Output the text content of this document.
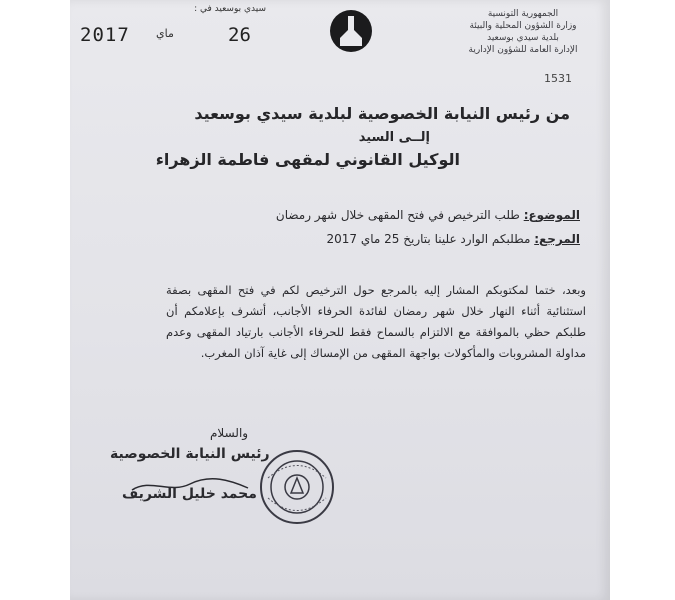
سيدي بوسعيد في :
2017 ماي	26
الجمهورية التونسية
وزارة الشؤون المحلية والبيئة
بلدية سيدي بوسعيد
الإدارة العامة للشؤون الإدارية
1531
من رئيس النيابة الخصوصية لبلدية سيدي بوسعيد
إلــى السيد
الوكيل القانوني لمقهى فاطمة الزهراء
الموضوع: طلب الترخيص في فتح المقهى خلال شهر رمضان
المرجع: مطلبكم الوارد علينا بتاريخ 25 ماي 2017
وبعد، ختما لمكتوبكم المشار إليه بالمرجع حول الترخيص لكم في فتح المقهى بصفة استثنائية أثناء النهار خلال شهر رمضان لفائدة الحرفاء الأجانب، أتشرف بإعلامكم أن طلبكم حظي بالموافقة مع الالتزام بالسماح فقط للحرفاء الأجانب بارتياد المقهى وعدم مداولة المشروبات والمأكولات بواجهة المقهى من الإمساك إلى غاية آذان المغرب.
والسلام
رئيس النيابة الخصوصية
محمد خليل الشريف
